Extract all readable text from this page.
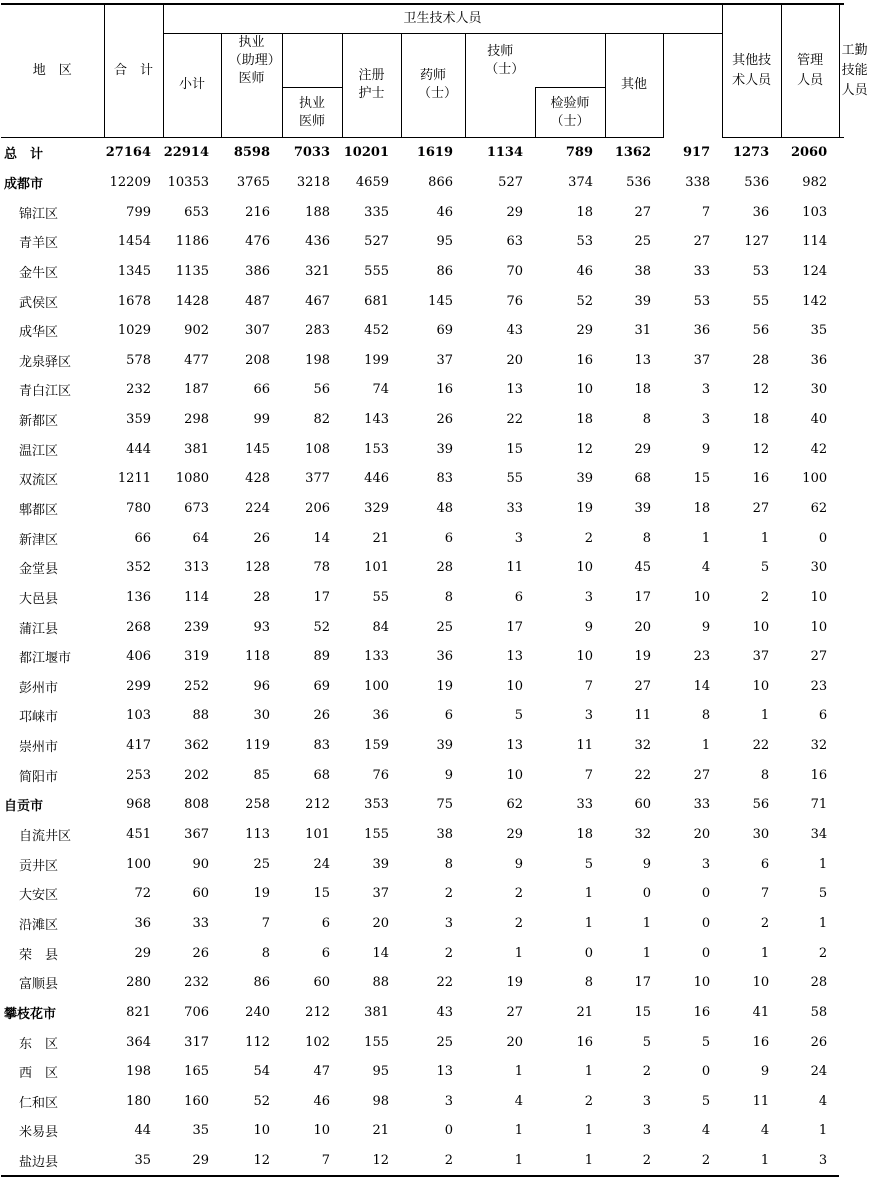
地　区	合　计	卫生技术人员									其他技术人员	管理人员	工勤技能人员

		小计	执业（助理）医师		注册护士	药师（士）	技师（士）		其他				

				执业医师				检验师（士）					

总　计	27164	22914	8598	7033	10201	1619	1134	789	1362	917	1273	2060	
成都市	12209	10353	3765	3218	4659	866	527	374	536	338	536	982	
锦江区	799	653	216	188	335	46	29	18	27	7	36	103	
青羊区	1454	1186	476	436	527	95	63	53	25	27	127	114	
金牛区	1345	1135	386	321	555	86	70	46	38	33	53	124	
武侯区	1678	1428	487	467	681	145	76	52	39	53	55	142	
成华区	1029	902	307	283	452	69	43	29	31	36	56	35	
龙泉驿区	578	477	208	198	199	37	20	16	13	37	28	36	
青白江区	232	187	66	56	74	16	13	10	18	3	12	30	
新都区	359	298	99	82	143	26	22	18	8	3	18	40	
温江区	444	381	145	108	153	39	15	12	29	9	12	42	
双流区	1211	1080	428	377	446	83	55	39	68	15	16	100	
郫都区	780	673	224	206	329	48	33	19	39	18	27	62	
新津区	66	64	26	14	21	6	3	2	8	1	1	0	
金堂县	352	313	128	78	101	28	11	10	45	4	5	30	
大邑县	136	114	28	17	55	8	6	3	17	10	2	10	
蒲江县	268	239	93	52	84	25	17	9	20	9	10	10	
都江堰市	406	319	118	89	133	36	13	10	19	23	37	27	
彭州市	299	252	96	69	100	19	10	7	27	14	10	23	
邛崃市	103	88	30	26	36	6	5	3	11	8	1	6	
崇州市	417	362	119	83	159	39	13	11	32	1	22	32	
简阳市	253	202	85	68	76	9	10	7	22	27	8	16	
自贡市	968	808	258	212	353	75	62	33	60	33	56	71	
自流井区	451	367	113	101	155	38	29	18	32	20	30	34	
贡井区	100	90	25	24	39	8	9	5	9	3	6	1	
大安区	72	60	19	15	37	2	2	1	0	0	7	5	
沿滩区	36	33	7	6	20	3	2	1	1	0	2	1	
荣　县	29	26	8	6	14	2	1	0	1	0	1	2	
富顺县	280	232	86	60	88	22	19	8	17	10	10	28	
攀枝花市	821	706	240	212	381	43	27	21	15	16	41	58	
东　区	364	317	112	102	155	25	20	16	5	5	16	26	
西　区	198	165	54	47	95	13	1	1	2	0	9	24	
仁和区	180	160	52	46	98	3	4	2	3	5	11	4	
米易县	44	35	10	10	21	0	1	1	3	4	4	1	
盐边县	35	29	12	7	12	2	1	1	2	2	1	3	
